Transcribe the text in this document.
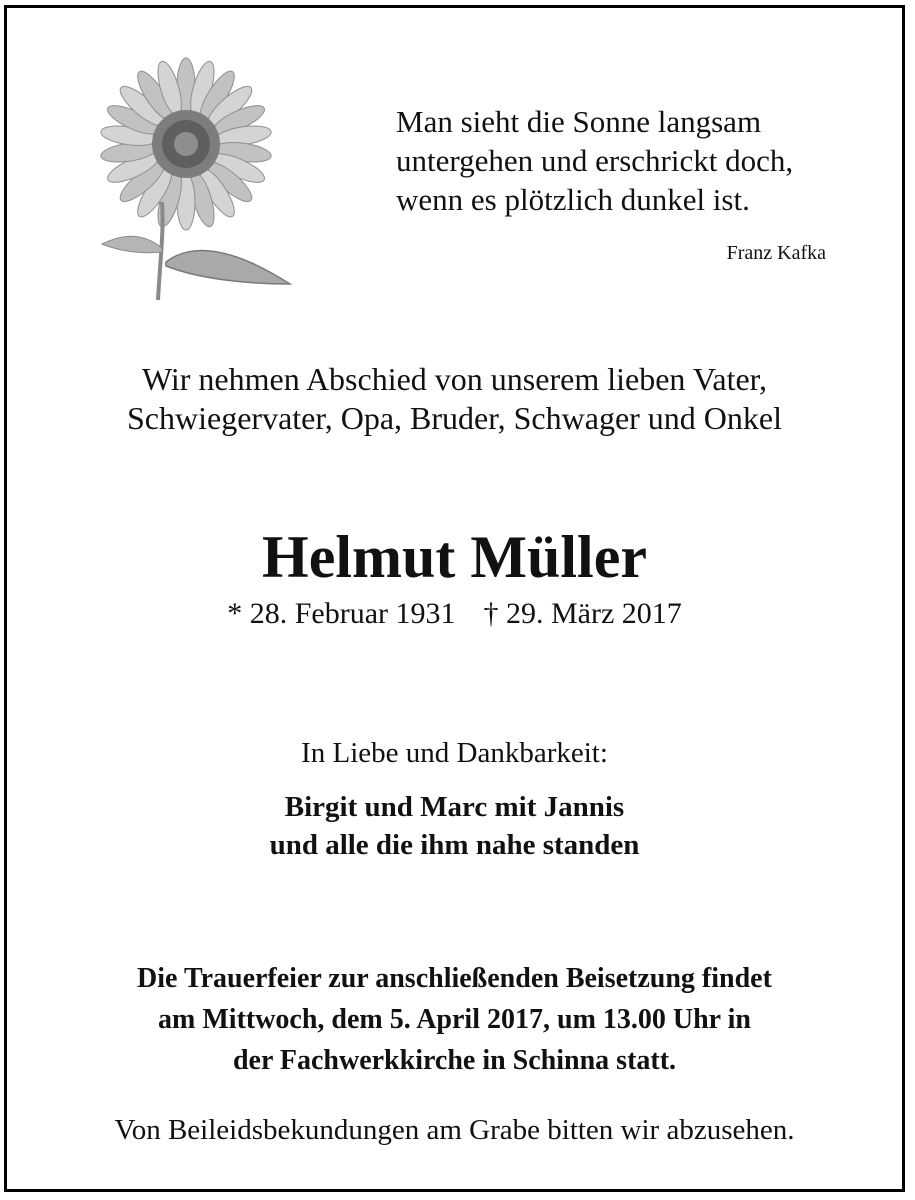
Man sieht die Sonne langsam
untergehen und erschrickt doch,
wenn es plötzlich dunkel ist.
Franz Kafka
Wir nehmen Abschied von unserem lieben Vater,
Schwiegervater, Opa, Bruder, Schwager und Onkel
Helmut Müller
* 28. Februar 1931 † 29. März 2017
In Liebe und Dankbarkeit:
Birgit und Marc mit Jannis
und alle die ihm nahe standen
Die Trauerfeier zur anschließenden Beisetzung findet
am Mittwoch, dem 5. April 2017, um 13.00 Uhr in
der Fachwerkkirche in Schinna statt.
Von Beileidsbekundungen am Grabe bitten wir abzusehen.
